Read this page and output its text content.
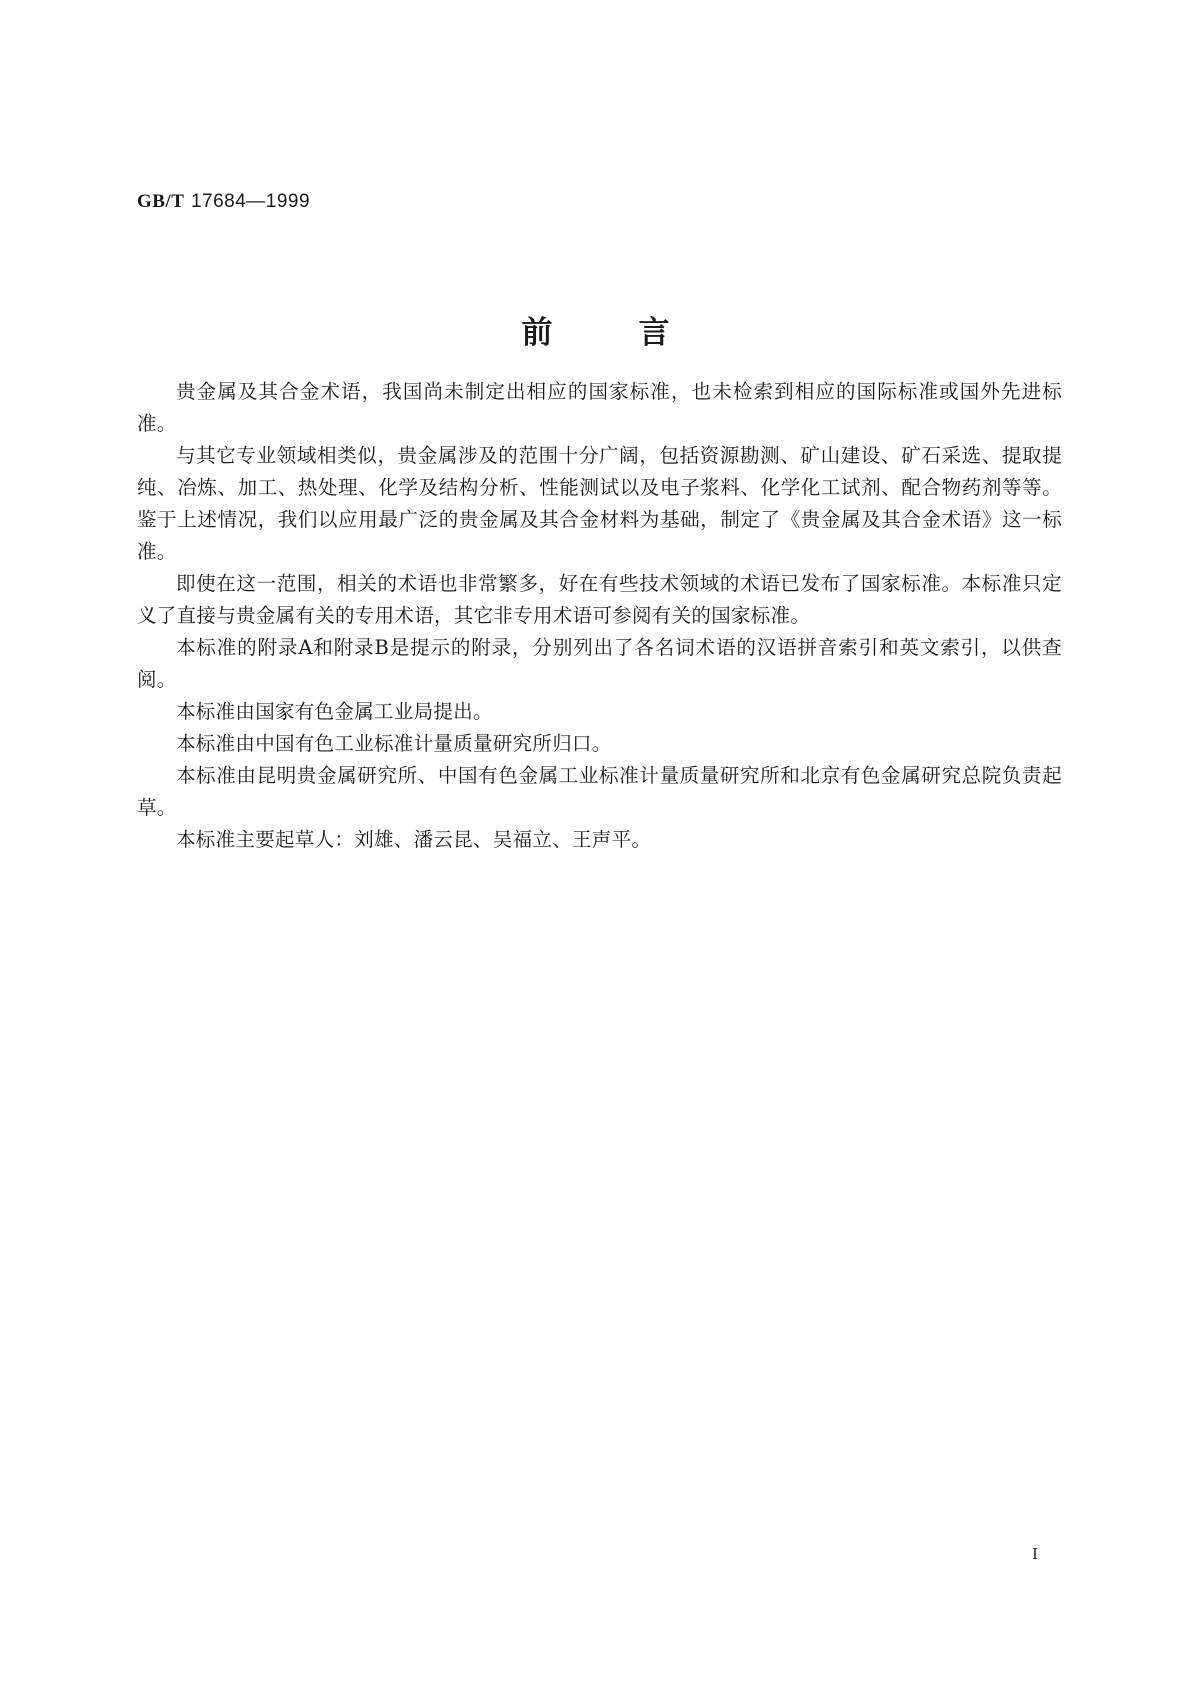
GB/T 17684—1999
前言

贵金属及其合金术语，我国尚未制定出相应的国家标准，也未检索到相应的国际标准或国外先进标准。

与其它专业领域相类似，贵金属涉及的范围十分广阔，包括资源勘测、矿山建设、矿石采选、提取提纯、冶炼、加工、热处理、化学及结构分析、性能测试以及电子浆料、化学化工试剂、配合物药剂等等。鉴于上述情况，我们以应用最广泛的贵金属及其合金材料为基础，制定了《贵金属及其合金术语》这一标准。

即使在这一范围，相关的术语也非常繁多，好在有些技术领域的术语已发布了国家标准。本标准只定义了直接与贵金属有关的专用术语，其它非专用术语可参阅有关的国家标准。

本标准的附录A和附录B是提示的附录，分别列出了各名词术语的汉语拼音索引和英文索引，以供查阅。

本标准由国家有色金属工业局提出。

本标准由中国有色工业标准计量质量研究所归口。

本标准由昆明贵金属研究所、中国有色金属工业标准计量质量研究所和北京有色金属研究总院负责起草。

本标准主要起草人：刘雄、潘云昆、吴福立、王声平。

I
